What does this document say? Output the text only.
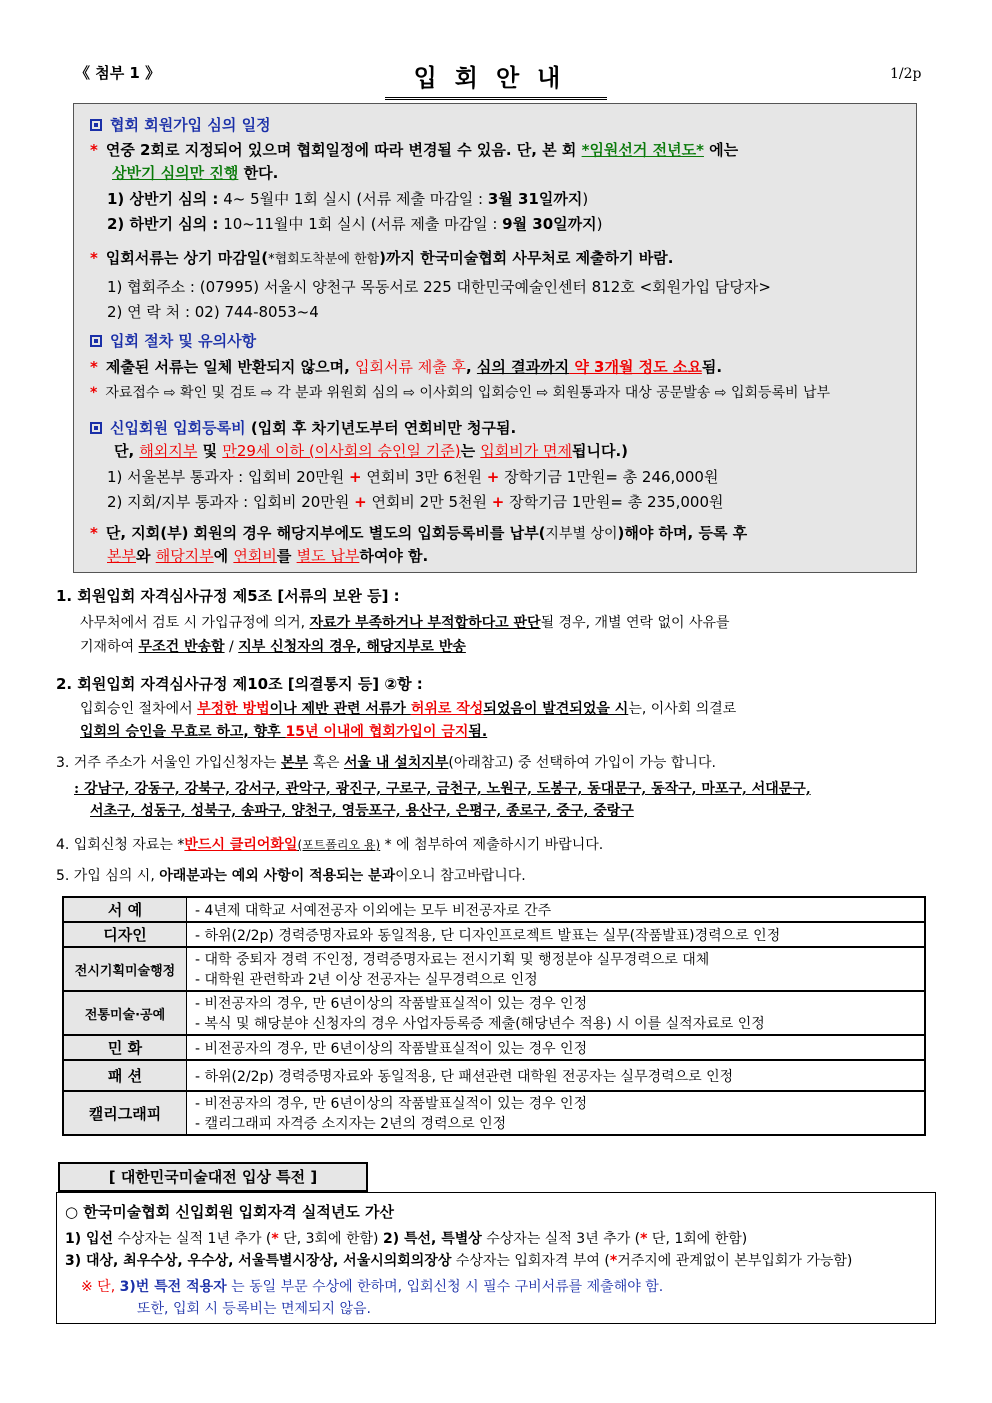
《 첨부 1 》	입회안내	1/2p
협회 회원가입 심의 일정
* 연중 2회로 지정되어 있으며 협회일정에 따라 변경될 수 있음. 단, 본 회 *임원선거 전년도* 에는
상반기 심의만 진행 한다.
1) 상반기 심의 : 4~ 5월中 1회 실시 (서류 제출 마감일 : 3월 31일까지)
2) 하반기 심의 : 10~11월中 1회 실시 (서류 제출 마감일 : 9월 30일까지)
* 입회서류는 상기 마감일(*협회도착분에 한함)까지 한국미술협회 사무처로 제출하기 바람.
1) 협회주소 : (07995) 서울시 양천구 목동서로 225 대한민국예술인센터 812호 <회원가입 담당자>
2) 연 락 처 : 02) 744-8053~4
입회 절차 및 유의사항
* 제출된 서류는 일체 반환되지 않으며, 입회서류 제출 후, 심의 결과까지 약 3개월 정도 소요됨.
* 자료접수 ⇨ 확인 및 검토 ⇨ 각 분과 위원회 심의 ⇨ 이사회의 입회승인 ⇨ 회원통과자 대상 공문발송 ⇨ 입회등록비 납부
신입회원 입회등록비 (입회 후 차기년도부터 연회비만 청구됨.
단, 해외지부 및 만29세 이하 (이사회의 승인일 기준)는 입회비가 면제됩니다.)
1) 서울본부 통과자 : 입회비 20만원 + 연회비 3만 6천원 + 장학기금 1만원= 총 246,000원
2) 지회/지부 통과자 : 입회비 20만원 + 연회비 2만 5천원 + 장학기금 1만원= 총 235,000원
* 단, 지회(부) 회원의 경우 해당지부에도 별도의 입회등록비를 납부(지부별 상이)해야 하며, 등록 후
본부와 해당지부에 연회비를 별도 납부하여야 함.
1. 회원입회 자격심사규정 제5조 [서류의 보완 등] :
사무처에서 검토 시 가입규정에 의거, 자료가 부족하거나 부적합하다고 판단될 경우, 개별 연락 없이 사유를
기재하여 무조건 반송함 / 지부 신청자의 경우, 해당지부로 반송
2. 회원입회 자격심사규정 제10조 [의결통지 등] ②항 :
입회승인 절차에서 부정한 방법이나 제반 관련 서류가 허위로 작성되었음이 발견되었을 시는, 이사회 의결로
입회의 승인을 무효로 하고, 향후 15년 이내에 협회가입이 금지됨.
3. 거주 주소가 서울인 가입신청자는 본부 혹은 서울 내 설치지부(아래참고) 중 선택하여 가입이 가능 합니다.
: 강남구, 강동구, 강북구, 강서구, 관악구, 광진구, 구로구, 금천구, 노원구, 도봉구, 동대문구, 동작구, 마포구, 서대문구,
서초구, 성동구, 성북구, 송파구, 양천구, 영등포구, 용산구, 은평구, 종로구, 중구, 중랑구
4. 입회신청 자료는 *반드시 클리어화일(포트폴리오 용) * 에 첨부하여 제출하시기 바랍니다.
5. 가입 심의 시, 아래분과는 예외 사항이 적용되는 분과이오니 참고바랍니다.
서 예	- 4년제 대학교 서예전공자 이외에는 모두 비전공자로 간주

디자인	- 하위(2/2p) 경력증명자료와 동일적용, 단 디자인프로젝트 발표는 실무(작품발표)경력으로 인정

전시기획미술행정	- 대학 중퇴자 경력 不인정, 경력증명자료는 전시기획 및 행정분야 실무경력으로 대체
- 대학원 관련학과 2년 이상 전공자는 실무경력으로 인정

전통미술·공예	- 비전공자의 경우, 만 6년이상의 작품발표실적이 있는 경우 인정
- 복식 및 해당분야 신청자의 경우 사업자등록증 제출(해당년수 적용) 시 이를 실적자료로 인정

민 화	- 비전공자의 경우, 만 6년이상의 작품발표실적이 있는 경우 인정

패 션	- 하위(2/2p) 경력증명자료와 동일적용, 단 패션관련 대학원 전공자는 실무경력으로 인정

캘리그래피	- 비전공자의 경우, 만 6년이상의 작품발표실적이 있는 경우 인정
- 캘리그래피 자격증 소지자는 2년의 경력으로 인정
[ 대한민국미술대전 입상 특전 ]
○ 한국미술협회 신입회원 입회자격 실적년도 가산
1) 입선 수상자는 실적 1년 추가 (* 단, 3회에 한함) 2) 특선, 특별상 수상자는 실적 3년 추가 (* 단, 1회에 한함)
3) 대상, 최우수상, 우수상, 서울특별시장상, 서울시의회의장상 수상자는 입회자격 부여 (*거주지에 관계없이 본부입회가 가능함)
※ 단, 3)번 특전 적용자 는 동일 부문 수상에 한하며, 입회신청 시 필수 구비서류를 제출해야 함.
또한, 입회 시 등록비는 면제되지 않음.
